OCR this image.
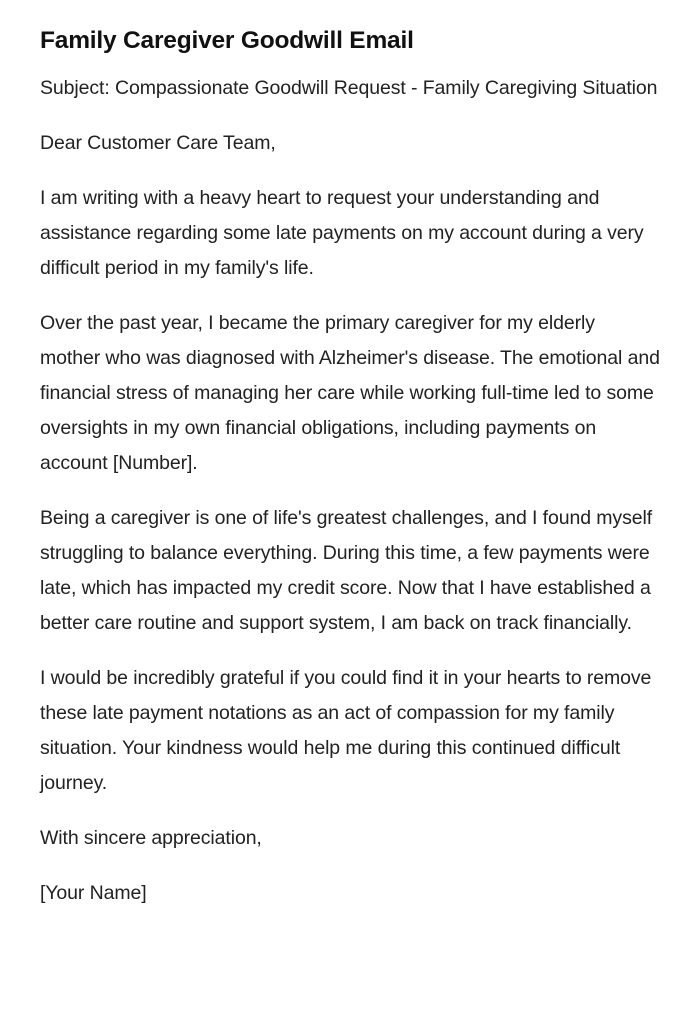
Family Caregiver Goodwill Email

Subject: Compassionate Goodwill Request - Family Caregiving Situation

Dear Customer Care Team,

I am writing with a heavy heart to request your understanding and assistance regarding some late payments on my account during a very difficult period in my family's life.

Over the past year, I became the primary caregiver for my elderly mother who was diagnosed with Alzheimer's disease. The emotional and financial stress of managing her care while working full-time led to some oversights in my own financial obligations, including payments on account [Number].

Being a caregiver is one of life's greatest challenges, and I found myself struggling to balance everything. During this time, a few payments were late, which has impacted my credit score. Now that I have established a better care routine and support system, I am back on track financially.

I would be incredibly grateful if you could find it in your hearts to remove these late payment notations as an act of compassion for my family situation. Your kindness would help me during this continued difficult journey.

With sincere appreciation,

[Your Name]
